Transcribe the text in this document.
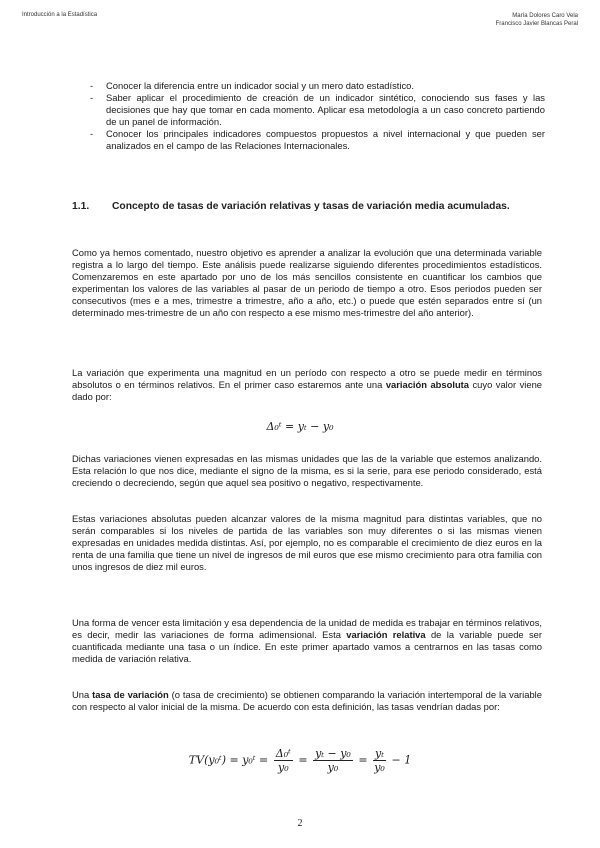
Introducción a la Estadística	María Dolores Caro Vela
Francisco Javier Blancas Peral
- Conocer la diferencia entre un indicador social y un mero dato estadístico.
- Saber aplicar el procedimiento de creación de un indicador sintético, conociendo sus fases y las decisiones que hay que tomar en cada momento. Aplicar esa metodología a un caso concreto partiendo de un panel de información.
- Conocer los principales indicadores compuestos propuestos a nivel internacional y que pueden ser analizados en el campo de las Relaciones Internacionales.
1.1. Concepto de tasas de variación relativas y tasas de variación media acumuladas.

Como ya hemos comentado, nuestro objetivo es aprender a analizar la evolución que una determinada variable registra a lo largo del tiempo. Este análisis puede realizarse siguiendo diferentes procedimientos estadísticos. Comenzaremos en este apartado por uno de los más sencillos consistente en cuantificar los cambios que experimentan los valores de las variables al pasar de un periodo de tiempo a otro. Esos periodos pueden ser consecutivos (mes e a mes, trimestre a trimestre, año a año, etc.) o puede que estén separados entre sí (un determinado mes-trimestre de un año con respecto a ese mismo mes-trimestre del año anterior).

La variación que experimenta una magnitud en un período con respecto a otro se puede medir en términos absolutos o en términos relativos. En el primer caso estaremos ante una variación absoluta cuyo valor viene dado por:

Δ₀ᵗ = yₜ − y₀

Dichas variaciones vienen expresadas en las mismas unidades que las de la variable que estemos analizando. Esta relación lo que nos dice, mediante el signo de la misma, es si la serie, para ese periodo considerado, está creciendo o decreciendo, según que aquel sea positivo o negativo, respectivamente.

Estas variaciones absolutas pueden alcanzar valores de la misma magnitud para distintas variables, que no serán comparables si los niveles de partida de las variables son muy diferentes o si las mismas vienen expresadas en unidades medida distintas. Así, por ejemplo, no es comparable el crecimiento de diez euros en la renta de una familia que tiene un nivel de ingresos de mil euros que ese mismo crecimiento para otra familia con unos ingresos de diez mil euros.

Una forma de vencer esta limitación y esa dependencia de la unidad de medida es trabajar en términos relativos, es decir, medir las variaciones de forma adimensional. Esta variación relativa de la variable puede ser cuantificada mediante una tasa o un índice. En este primer apartado vamos a centrarnos en las tasas como medida de variación relativa.

Una tasa de variación (o tasa de crecimiento) se obtienen comparando la variación intertemporal de la variable con respecto al valor inicial de la misma. De acuerdo con esta definición, las tasas vendrían dadas por:

TV(y₀ᵗ) = y₀ᵗ = $\frac{\text{Δ₀ᵗ}}{\text{y₀}} = \frac{\text{yₜ − y₀}}{\text{y₀}} = \frac{\text{yₜ}}{\text{y₀}} - 1$
2
